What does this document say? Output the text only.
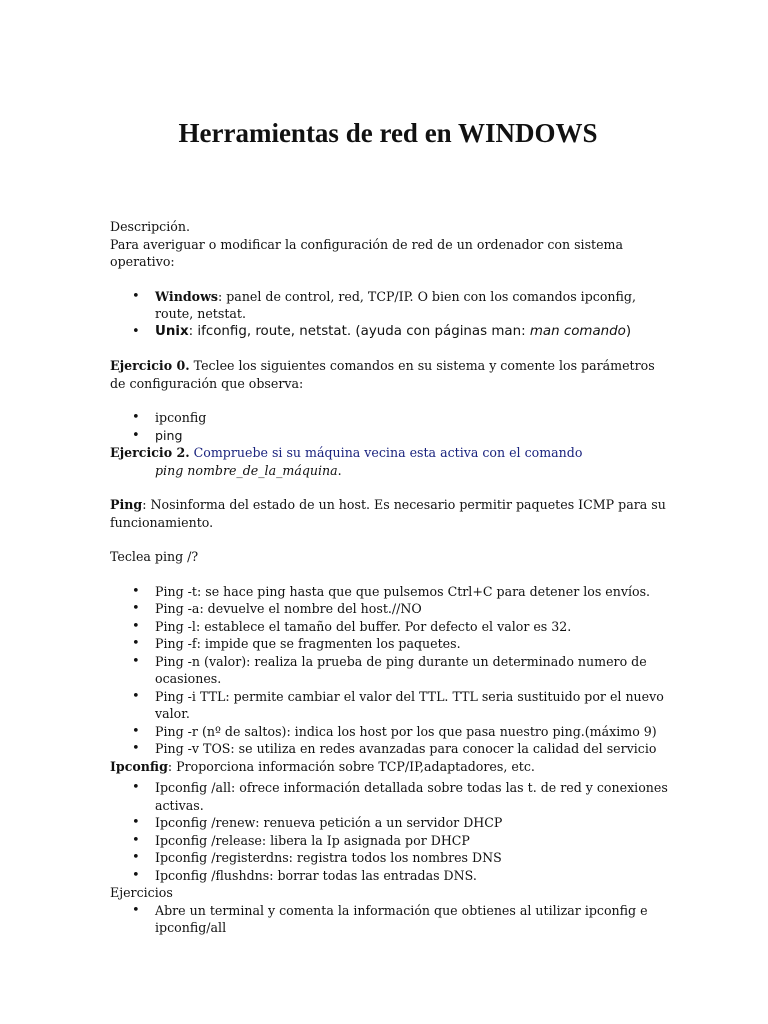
Herramientas de red en WINDOWS

Descripción.

Para averiguar o modificar la configuración de red de un ordenador con sistema operativo:

• Windows: panel de control, red, TCP/IP. O bien con los comandos ipconfig, route, netstat.
• Unix: ifconfig, route, netstat. (ayuda con páginas man: man comando)

Ejercicio 0. Teclee los siguientes comandos en su sistema y comente los parámetros de configuración que observa:

• ipconfig
• ping

Ejercicio 2. Compruebe si su máquina vecina esta activa con el comando

ping nombre_de_la_máquina.

Ping: Nosinforma del estado de un host. Es necesario permitir paquetes ICMP para su funcionamiento.

Teclea ping /?

• Ping -t: se hace ping hasta que que pulsemos Ctrl+C para detener los envíos.
• Ping -a: devuelve el nombre del host.//NO
• Ping -l: establece el tamaño del buffer. Por defecto el valor es 32.
• Ping -f: impide que se fragmenten los paquetes.
• Ping -n (valor): realiza la prueba de ping durante un determinado numero de ocasiones.
• Ping -i TTL: permite cambiar el valor del TTL. TTL seria sustituido por el nuevo valor.
• Ping -r (nº de saltos): indica los host por los que pasa nuestro ping.(máximo 9)
• Ping -v TOS: se utiliza en redes avanzadas para conocer la calidad del servicio

Ipconfig: Proporciona información sobre TCP/IP,adaptadores, etc.

• Ipconfig /all: ofrece información detallada sobre todas las t. de red y conexiones activas.
• Ipconfig /renew: renueva petición a un servidor DHCP
• Ipconfig /release: libera la Ip asignada por DHCP
• Ipconfig /registerdns: registra todos los nombres DNS
• Ipconfig /flushdns: borrar todas las entradas DNS.

Ejercicios

• Abre un terminal y comenta la información que obtienes al utilizar ipconfig e ipconfig/all
